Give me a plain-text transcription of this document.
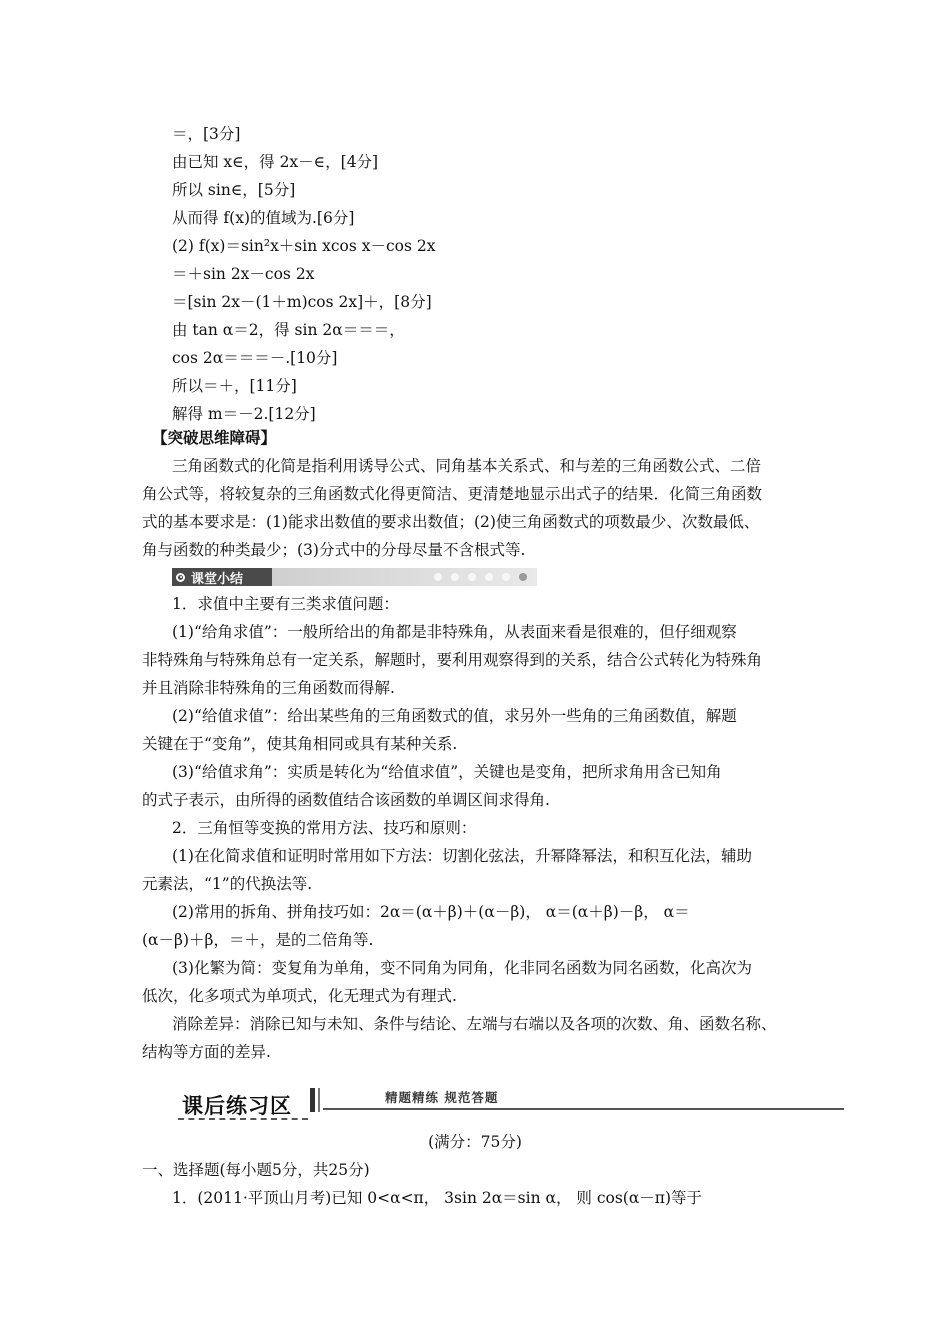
＝，[3分]
由已知 x∈，得 2x－∈，[4分]
所以 sin∈，[5分]
从而得 f(x)的值域为.[6分]
(2) f(x)＝sin²x＋sin xcos x－cos 2x
＝＋sin 2x－cos 2x
＝[sin 2x－(1＋m)cos 2x]＋，[8分]
由 tan α＝2，得 sin 2α＝＝＝，
cos 2α＝＝＝－.[10分]
所以＝＋，[11分]
解得 m＝－2.[12分]
【突破思维障碍】
三角函数式的化简是指利用诱导公式、同角基本关系式、和与差的三角函数公式、二倍
角公式等，将较复杂的三角函数式化得更简洁、更清楚地显示出式子的结果．化简三角函数
式的基本要求是：(1)能求出数值的要求出数值；(2)使三角函数式的项数最少、次数最低、
角与函数的种类最少；(3)分式中的分母尽量不含根式等.
课堂小结
1．求值中主要有三类求值问题：
(1)“给角求值”：一般所给出的角都是非特殊角，从表面来看是很难的，但仔细观察
非特殊角与特殊角总有一定关系，解题时，要利用观察得到的关系，结合公式转化为特殊角
并且消除非特殊角的三角函数而得解.
(2)“给值求值”：给出某些角的三角函数式的值，求另外一些角的三角函数值，解题
关键在于“变角”，使其角相同或具有某种关系.
(3)“给值求角”：实质是转化为“给值求值”，关键也是变角，把所求角用含已知角
的式子表示，由所得的函数值结合该函数的单调区间求得角.
2．三角恒等变换的常用方法、技巧和原则：
(1)在化简求值和证明时常用如下方法：切割化弦法，升幂降幂法，和积互化法，辅助
元素法，“1”的代换法等.
(2)常用的拆角、拼角技巧如：2α＝(α＋β)＋(α－β)， α＝(α＋β)－β， α＝
(α－β)＋β，＝＋，是的二倍角等.
(3)化繁为简：变复角为单角，变不同角为同角，化非同名函数为同名函数，化高次为
低次，化多项式为单项式，化无理式为有理式.
消除差异：消除已知与未知、条件与结论、左端与右端以及各项的次数、角、函数名称、
结构等方面的差异.
课后练习区	精题精练 规范答题
(满分：75分)
一、选择题(每小题5分，共25分)
1．(2011·平顶山月考)已知 0<α<π， 3sin 2α＝sin α， 则 cos(α－π)等于
